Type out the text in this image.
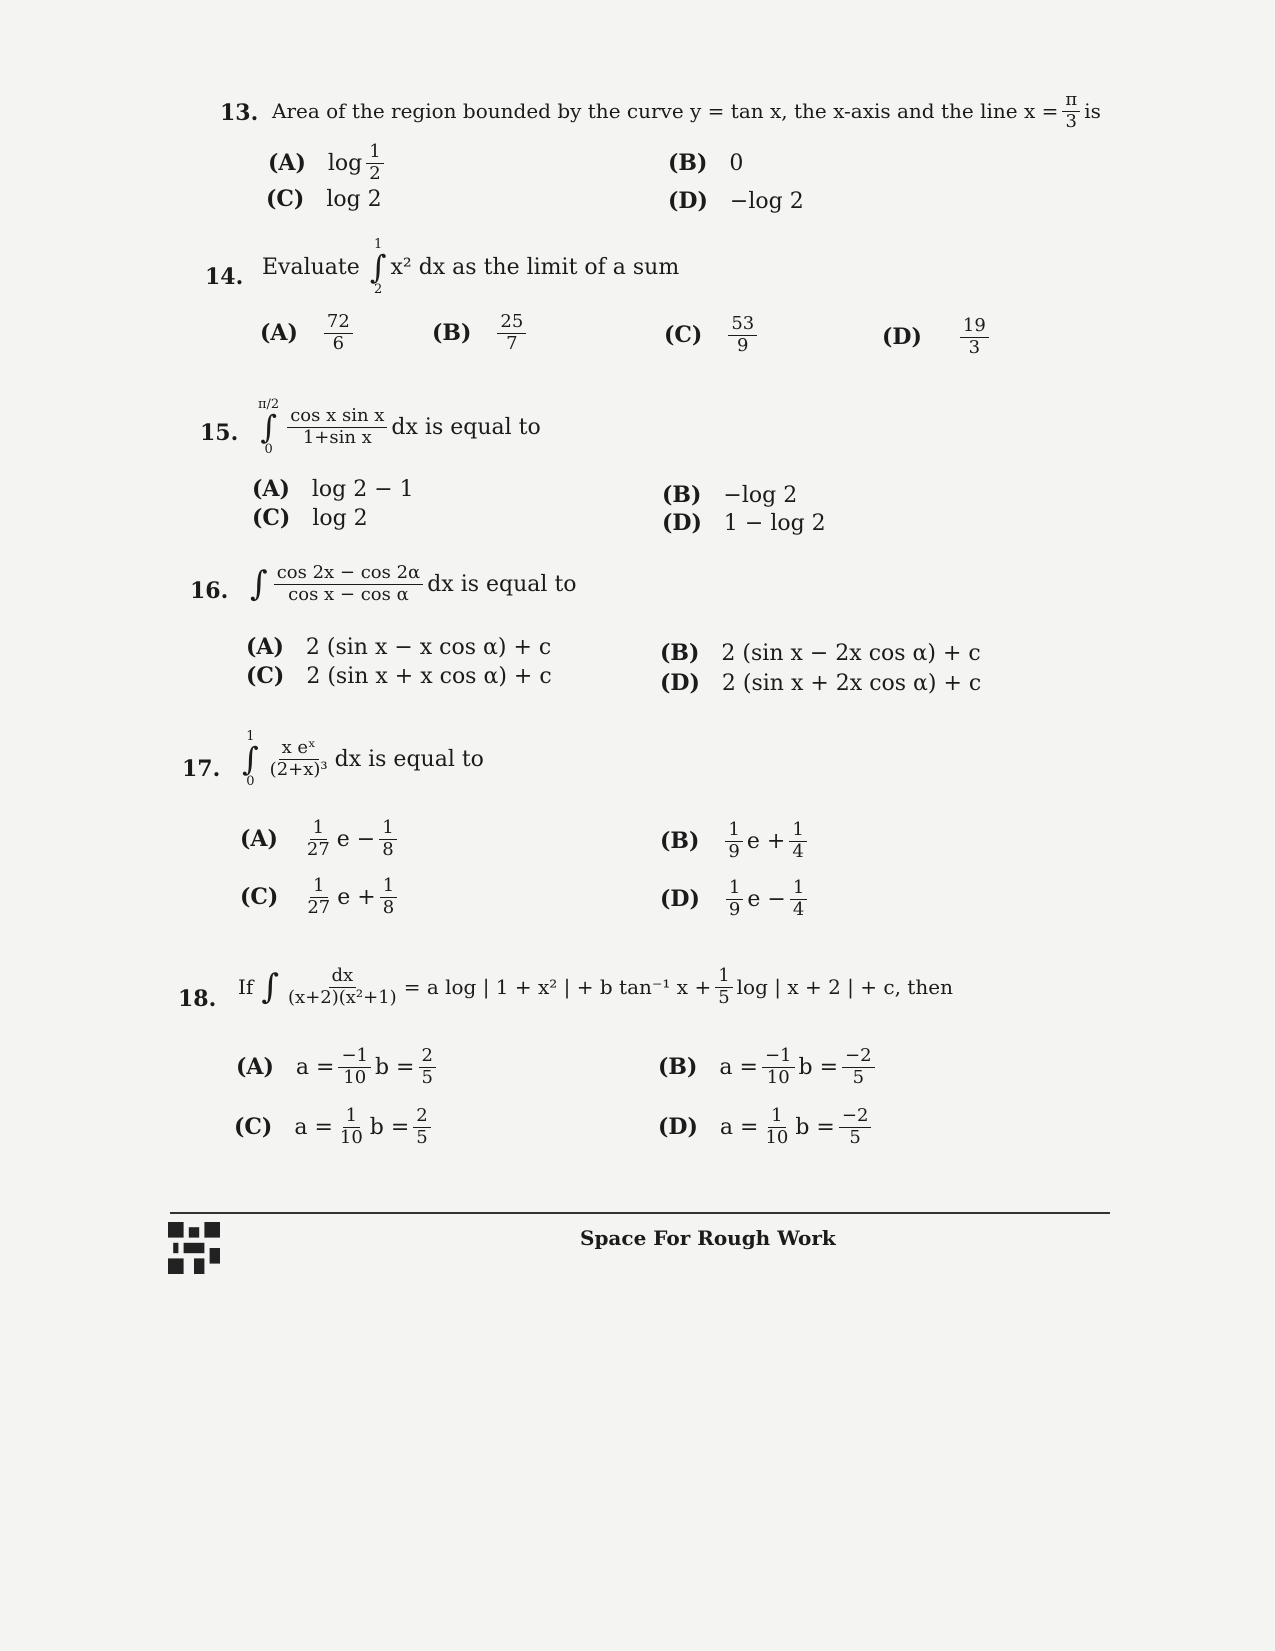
13. Area of the region bounded by the curve y = tan x, the x-axis and the line $x = \frac{\pi}{3}$ is
(A) $\log \frac{1}{2}$	(B) 0
(C) log 2	(D) −log 2
14. Evaluate
1
∫
2
x² dx as the limit of a sum
$(A) \frac{72}{6}$	$(B) \frac{25}{7}$	$(C) \frac{53}{9}$	$(D) \frac{19}{3}$
15.
π/2
∫
0
$\frac{\text{cos x sin x}}{\text{1+sin x}}$ dx is equal to
(A) log 2 − 1	(B) −log 2
(C) log 2	(D) 1 − log 2
16. ∫ $\frac{\cos 2x - \cos 2\alpha}{\text{cos x − cos α}}$ dx is equal to
(A) 2 (sin x − x cos α) + c	(B) 2 (sin x − 2x cos α) + c
(C) 2 (sin x + x cos α) + c	(D) 2 (sin x + 2x cos α) + c
17.
1
∫
0
$\frac{\text{x eˣ}}{\text{(2+x)³}}$ dx is equal to
$(A) \frac{1}{27}$ $e - \frac{1}{8}$	$(B) \frac{1}{9}$ $e + \frac{1}{4}$
$(C) \frac{1}{27}$ $e + \frac{1}{8}$	$(D) \frac{1}{9}$ $e - \frac{1}{4}$
18. If ∫ $\frac{dx}{\text{(x+2)(x²+1)}} = a$ log | 1 + x² | + b tan⁻¹ $x + \frac{1}{5}$ log | x + 2 | + c, then
(A) $a = \frac{-1}{10}$ $b = \frac{2}{5}$	(B) $a = \frac{-1}{10}$ $b = \frac{-2}{5}$
(C) $a = \frac{1}{10}$ $b = \frac{2}{5}$	(D) $a = \frac{1}{10}$ $b = \frac{-2}{5}$
Space For Rough Work
